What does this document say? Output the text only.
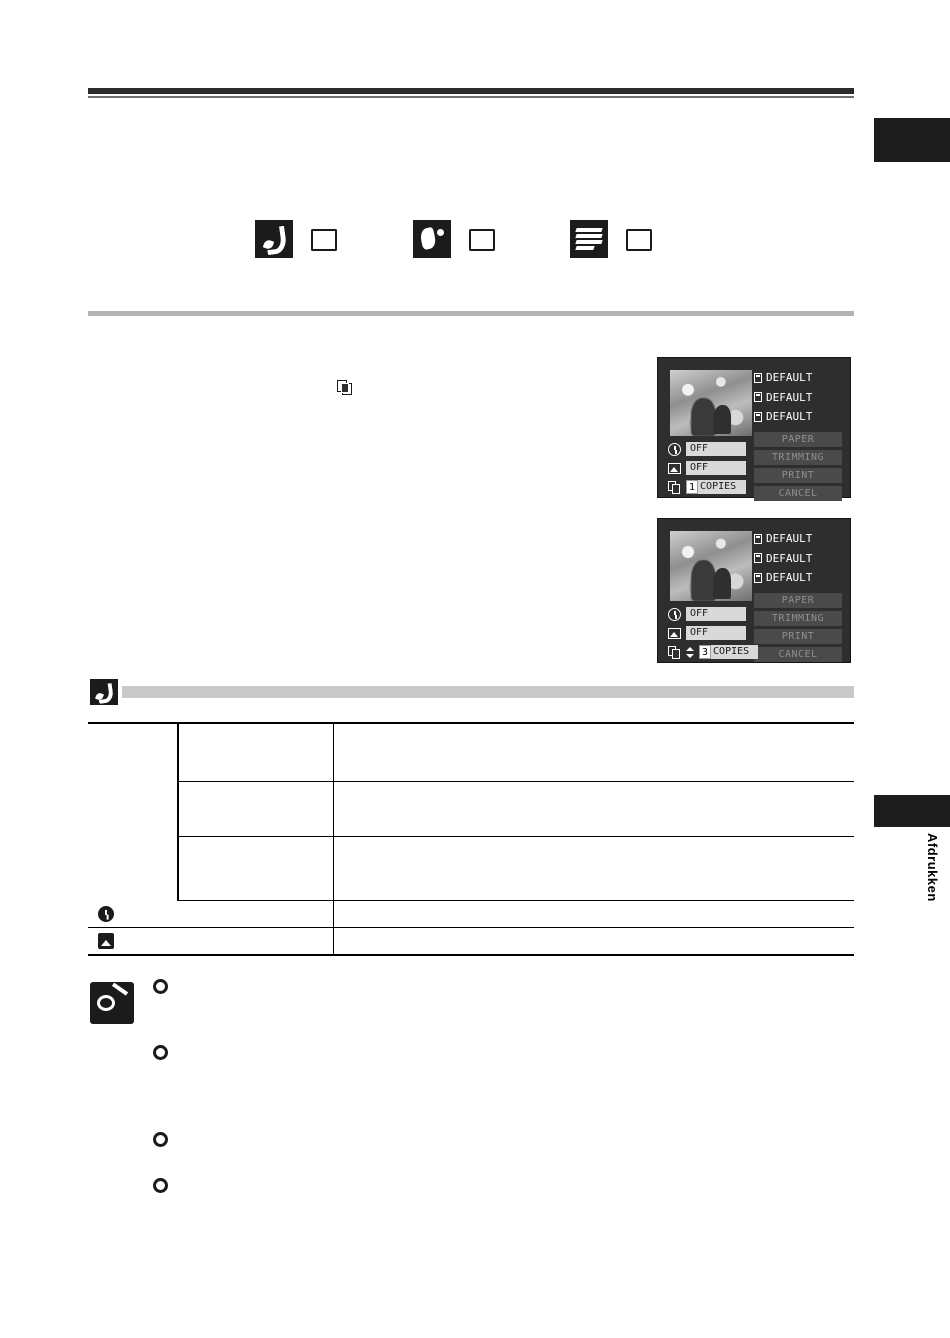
Afdrukken
DEFAULT
DEFAULT
DEFAULT
PAPER
TRIMMING
PRINT
CANCEL
OFF
OFF
1 COPIES
DEFAULT
DEFAULT
DEFAULT
PAPER
TRIMMING
PRINT
CANCEL
OFF
OFF
3 COPIES
